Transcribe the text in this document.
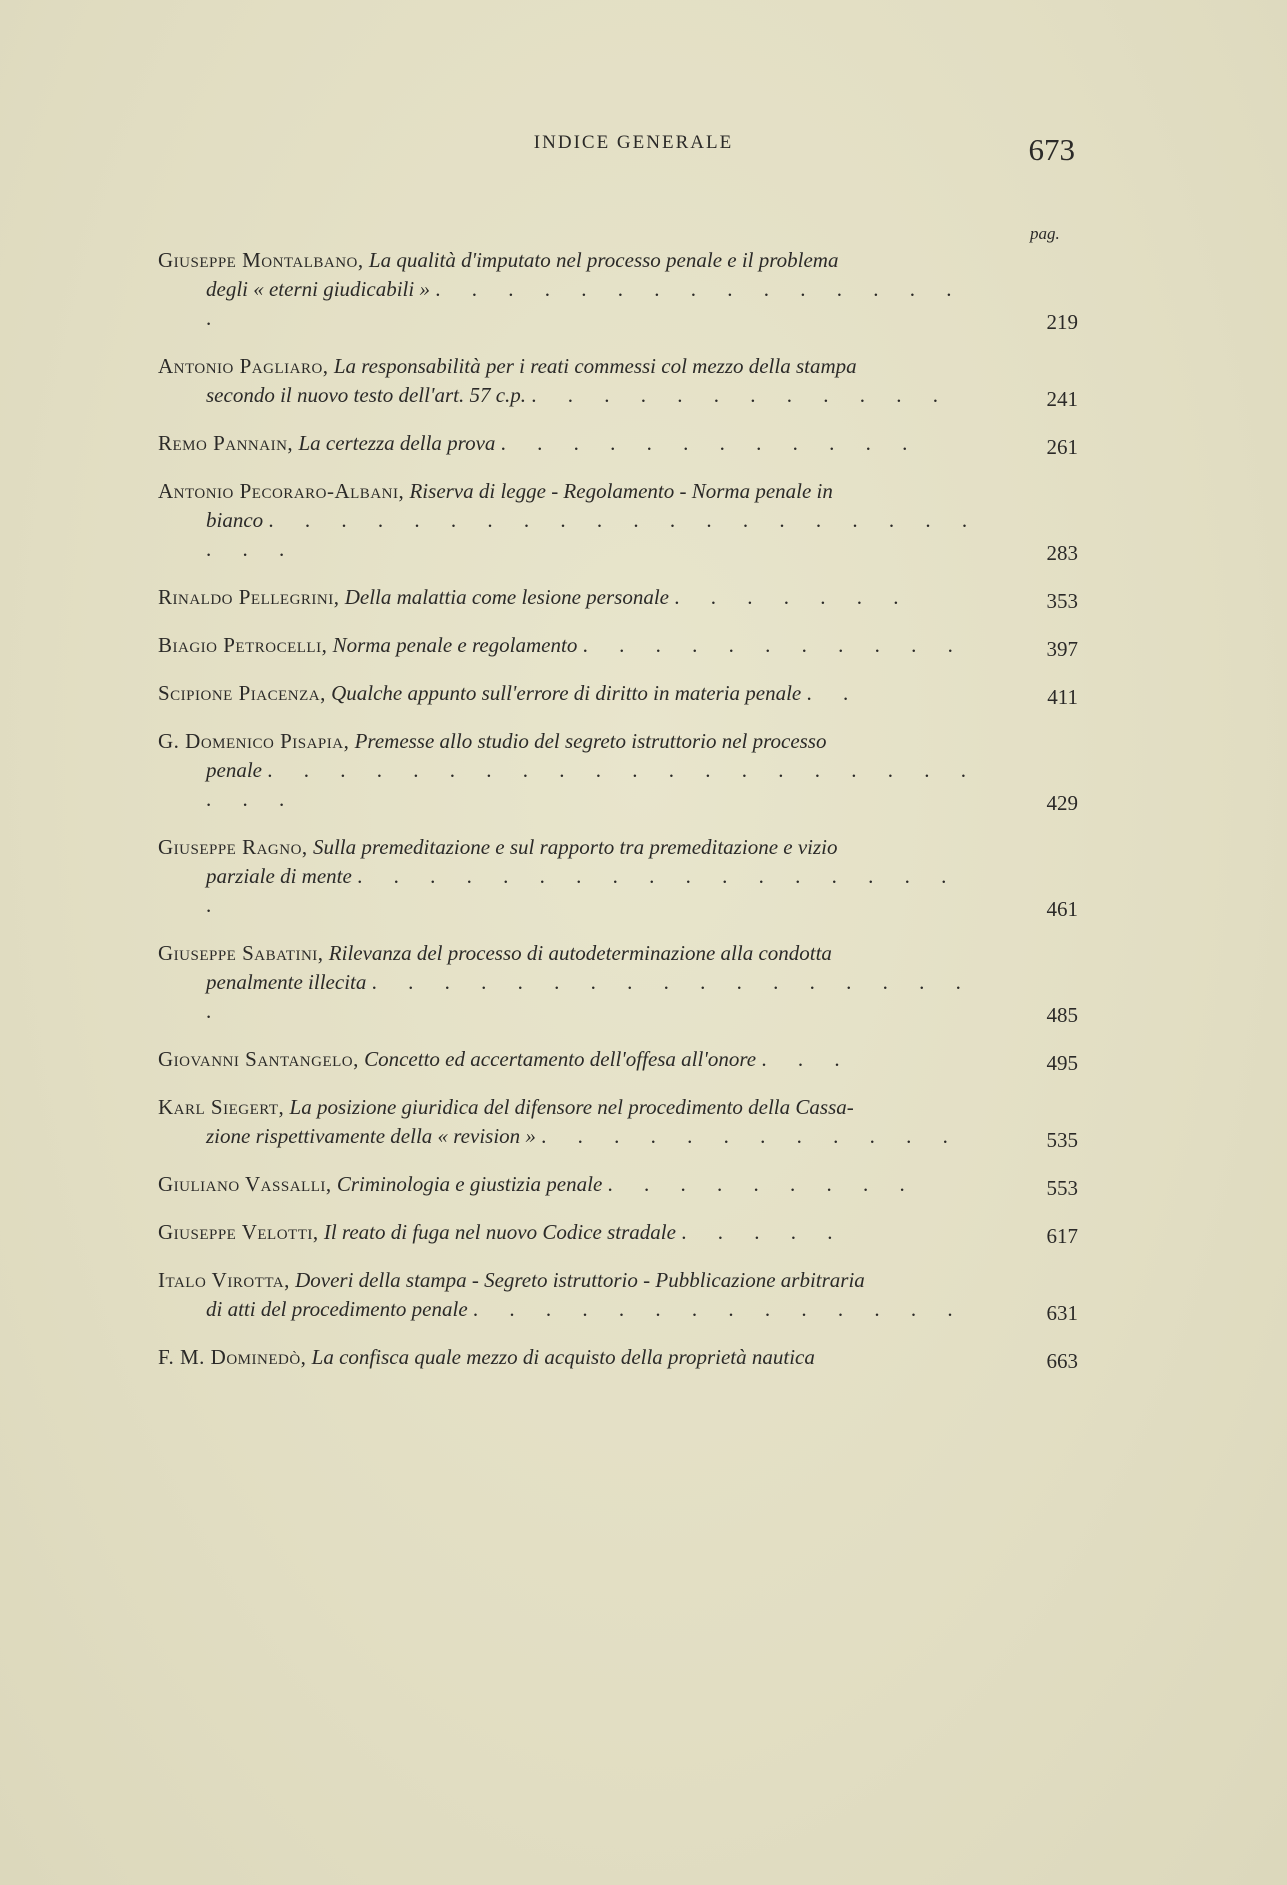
INDICE GENERALE	673
pag.
Giuseppe Montalbano, La qualità d'imputato nel processo penale e il problema
degli « eterni giudicabili » . . . . . . . . . . . . . . . .	219
Antonio Pagliaro, La responsabilità per i reati commessi col mezzo della stampa
secondo il nuovo testo dell'art. 57 c.p. . . . . . . . . . . . .	241
Remo Pannain, La certezza della prova . . . . . . . . . . . .	261
Antonio Pecoraro-Albani, Riserva di legge - Regolamento - Norma penale in
bianco . . . . . . . . . . . . . . . . . . . . . . .	283
Rinaldo Pellegrini, Della malattia come lesione personale . . . . . . .	353
Biagio Petrocelli, Norma penale e regolamento . . . . . . . . . . .	397
Scipione Piacenza, Qualche appunto sull'errore di diritto in materia penale . .	411
G. Domenico Pisapia, Premesse allo studio del segreto istruttorio nel processo
penale . . . . . . . . . . . . . . . . . . . . . . .	429
Giuseppe Ragno, Sulla premeditazione e sul rapporto tra premeditazione e vizio
parziale di mente . . . . . . . . . . . . . . . . . .	461
Giuseppe Sabatini, Rilevanza del processo di autodeterminazione alla condotta
penalmente illecita . . . . . . . . . . . . . . . . . .	485
Giovanni Santangelo, Concetto ed accertamento dell'offesa all'onore . . .	495
Karl Siegert, La posizione giuridica del difensore nel procedimento della Cassa-
zione rispettivamente della « revision » . . . . . . . . . . . .	535
Giuliano Vassalli, Criminologia e giustizia penale . . . . . . . . .	553
Giuseppe Velotti, Il reato di fuga nel nuovo Codice stradale . . . . .	617
Italo Virotta, Doveri della stampa - Segreto istruttorio - Pubblicazione arbitraria
di atti del procedimento penale . . . . . . . . . . . . . .	631
F. M. Dominedò, La confisca quale mezzo di acquisto della proprietà nautica	663
